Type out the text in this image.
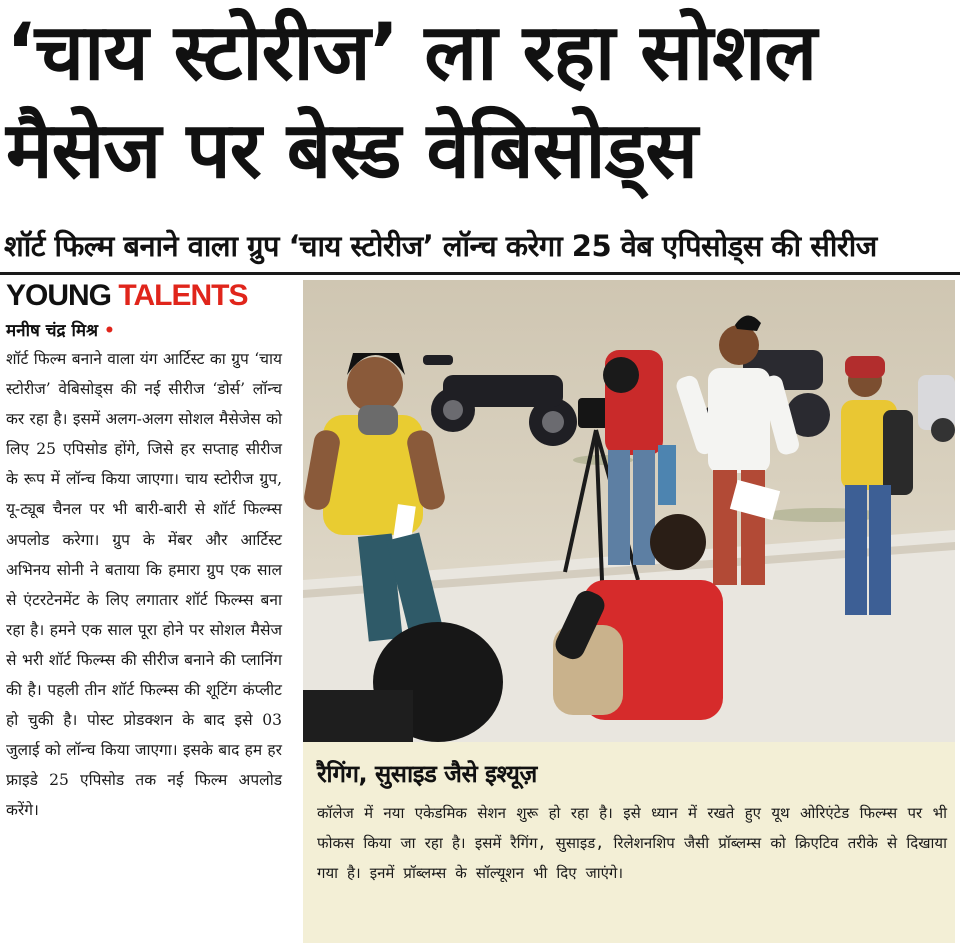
‘चाय स्टोरीज’ ला रहा सोशल
मैसेज पर बेस्ड वेबिसोड्स
शॉर्ट फिल्म बनाने वाला ग्रुप ‘चाय स्टोरीज’ लॉन्च करेगा 25 वेब एपिसोड्स की सीरीज
YOUNG TALENTS
मनीष चंद्र मिश्र •
शॉर्ट फिल्म बनाने वाला यंग आर्टिस्ट का ग्रुप ‘चाय स्टोरीज’ वेबिसोड्स की नई सीरीज ‘डोर्स’ लॉन्च कर रहा है। इसमें अलग-अलग सोशल मैसेजेस को लिए 25 एपिसोड होंगे, जिसे हर सप्ताह सीरीज के रूप में लॉन्च किया जाएगा। चाय स्टोरीज ग्रुप, यू-ट्यूब चैनल पर भी बारी-बारी से शॉर्ट फिल्म्स अपलोड करेगा। ग्रुप के मेंबर और आर्टिस्ट अभिनय सोनी ने बताया कि हमारा ग्रुप एक साल से एंटरटेनमेंट के लिए लगातार शॉर्ट फिल्म्स बना रहा है। हमने एक साल पूरा होने पर सोशल मैसेज से भरी शॉर्ट फिल्म्स की सीरीज बनाने की प्लानिंग की है। पहली तीन शॉर्ट फिल्म्स की शूटिंग कंप्लीट हो चुकी है। पोस्ट प्रोडक्शन के बाद इसे 03 जुलाई को लॉन्च किया जाएगा। इसके बाद हम हर फ्राइडे 25 एपिसोड तक नई फिल्म अपलोड करेंगे।
रैगिंग, सुसाइड जैसे इश्यूज़
कॉलेज में नया एकेडमिक सेशन शुरू हो रहा है। इसे ध्यान में रखते हुए यूथ ओरिएंटेड फिल्म्स पर भी फोकस किया जा रहा है। इसमें रैगिंग, सुसाइड, रिलेशनशिप जैसी प्रॉब्लम्स को क्रिएटिव तरीके से दिखाया गया है। इनमें प्रॉब्लम्स के सॉल्यूशन भी दिए जाएंगे।
